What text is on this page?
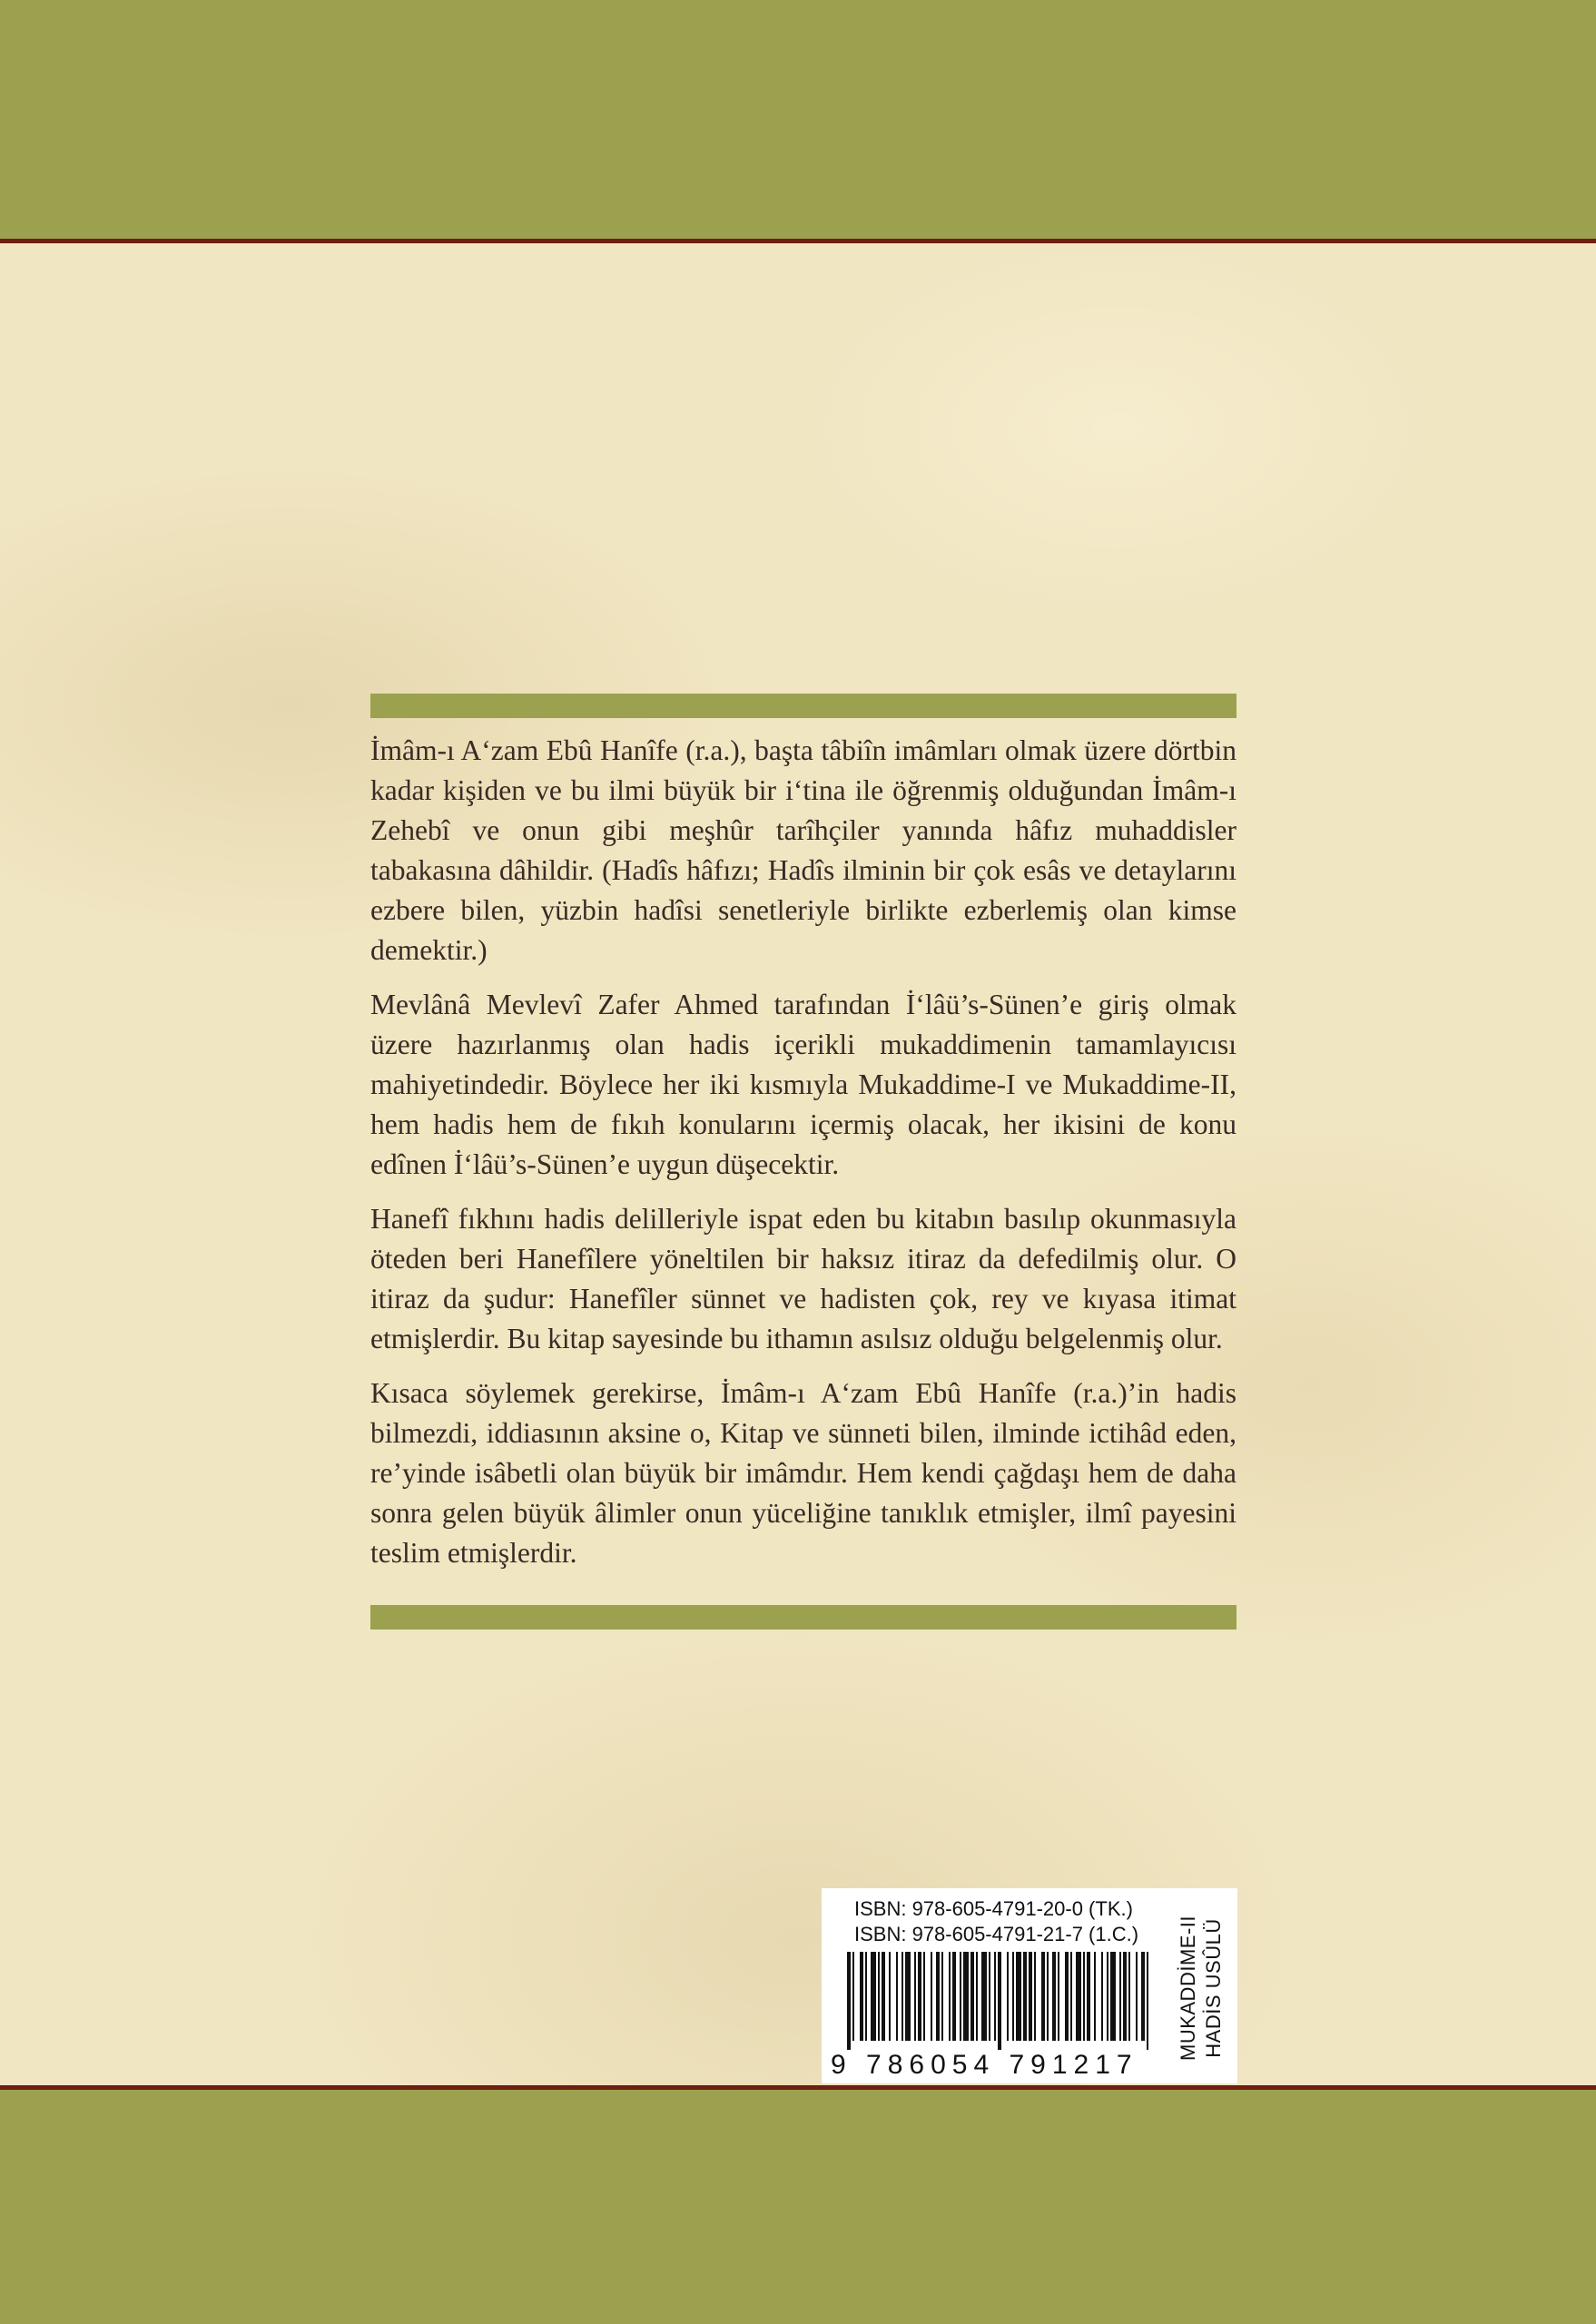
İmâm-ı A‘zam Ebû Hanîfe (r.a.), başta tâbiîn imâmları olmak üzere dörtbin kadar kişiden ve bu ilmi büyük bir i‘tina ile öğrenmiş olduğundan İmâm-ı Zehebî ve onun gibi meşhûr tarîhçiler yanında hâfız muhaddisler tabakasına dâhildir. (Hadîs hâfızı; Hadîs ilminin bir çok esâs ve detaylarını ezbere bilen, yüzbin hadîsi senetleriyle birlikte ezberlemiş olan kimse demektir.)

Mevlânâ Mevlevî Zafer Ahmed tarafından İ‘lâü’s-Sünen’e giriş olmak üzere hazırlanmış olan hadis içerikli mukaddimenin tamamlayıcısı mahiyetindedir. Böylece her iki kısmıyla Mukaddime-I ve Mukaddime-II, hem hadis hem de fıkıh konularını içermiş olacak, her ikisini de konu edînen İ‘lâü’s-Sünen’e uygun düşecektir.

Hanefî fıkhını hadis delilleriyle ispat eden bu kitabın basılıp okunmasıyla öteden beri Hanefîlere yöneltilen bir haksız itiraz da defedilmiş olur. O itiraz da şudur: Hanefîler sünnet ve hadisten çok, rey ve kıyasa itimat etmişlerdir. Bu kitap sayesinde bu ithamın asılsız olduğu belgelenmiş olur.

Kısaca söylemek gerekirse, İmâm-ı A‘zam Ebû Hanîfe (r.a.)’in hadis bilmezdi, iddiasının aksine o, Kitap ve sünneti bilen, ilminde ictihâd eden, re’yinde isâbetli olan büyük bir imâmdır. Hem kendi çağdaşı hem de daha sonra gelen büyük âlimler onun yüceliğine tanıklık etmişler, ilmî payesini teslim etmişlerdir.

ISBN: 978-605-4791-20-0 (TK.)
ISBN: 978-605-4791-21-7 (1.C.)
9 786054 791217
MUKADDİME-II HADİS USÛLÜ
